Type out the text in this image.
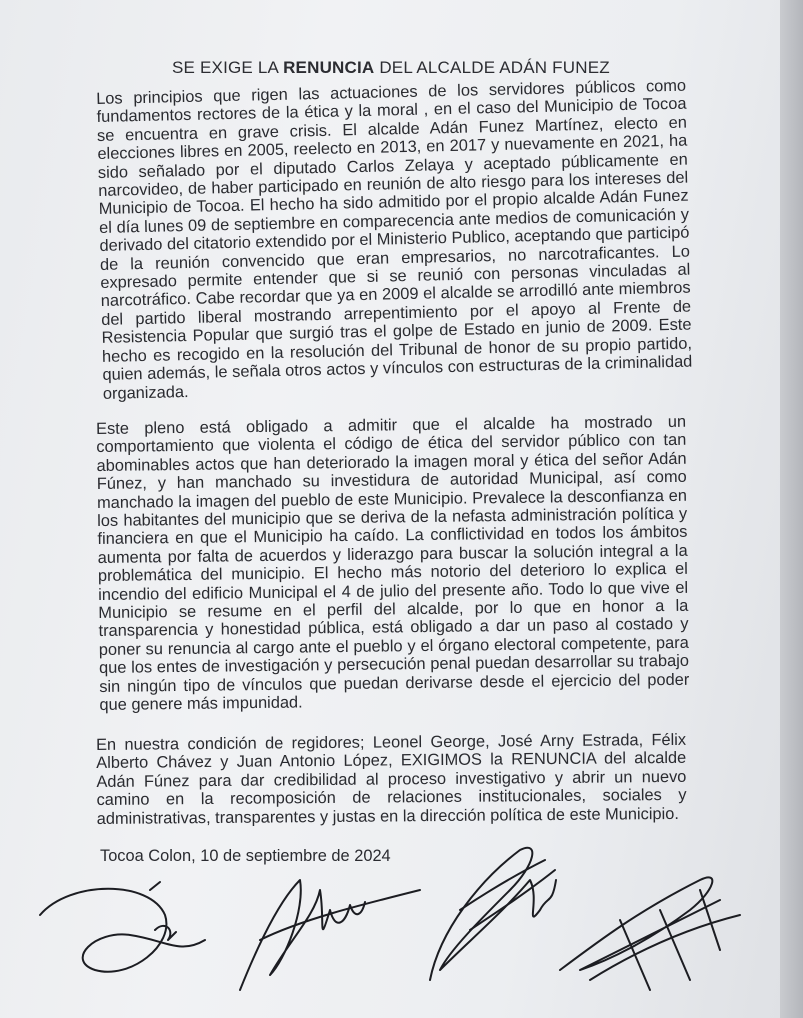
SE EXIGE LA RENUNCIA DEL ALCALDE ADÁN FUNEZ
Los principios que rigen las actuaciones de los servidores públicos como fundamentos rectores de la ética y la moral , en el caso del Municipio de Tocoa se encuentra en grave crisis. El alcalde Adán Funez Martínez, electo en elecciones libres en 2005, reelecto en 2013, en 2017 y nuevamente en 2021, ha sido señalado por el diputado Carlos Zelaya y aceptado públicamente en narcovideo, de haber participado en reunión de alto riesgo para los intereses del Municipio de Tocoa. El hecho ha sido admitido por el propio alcalde Adán Funez el día lunes 09 de septiembre en comparecencia ante medios de comunicación y derivado del citatorio extendido por el Ministerio Publico, aceptando que participó de la reunión convencido que eran empresarios, no narcotraficantes. Lo expresado permite entender que si se reunió con personas vinculadas al narcotráfico. Cabe recordar que ya en 2009 el alcalde se arrodilló ante miembros del partido liberal mostrando arrepentimiento por el apoyo al Frente de Resistencia Popular que surgió tras el golpe de Estado en junio de 2009. Este hecho es recogido en la resolución del Tribunal de honor de su propio partido, quien además, le señala otros actos y vínculos con estructuras de la criminalidad organizada.
Este pleno está obligado a admitir que el alcalde ha mostrado un comportamiento que violenta el código de ética del servidor público con tan abominables actos que han deteriorado la imagen moral y ética del señor Adán Fúnez, y han manchado su investidura de autoridad Municipal, así como manchado la imagen del pueblo de este Municipio. Prevalece la desconfianza en los habitantes del municipio que se deriva de la nefasta administración política y financiera en que el Municipio ha caído. La conflictividad en todos los ámbitos aumenta por falta de acuerdos y liderazgo para buscar la solución integral a la problemática del municipio. El hecho más notorio del deterioro lo explica el incendio del edificio Municipal el 4 de julio del presente año. Todo lo que vive el Municipio se resume en el perfil del alcalde, por lo que en honor a la transparencia y honestidad pública, está obligado a dar un paso al costado y poner su renuncia al cargo ante el pueblo y el órgano electoral competente, para que los entes de investigación y persecución penal puedan desarrollar su trabajo sin ningún tipo de vínculos que puedan derivarse desde el ejercicio del poder que genere más impunidad.
En nuestra condición de regidores; Leonel George, José Arny Estrada, Félix Alberto Chávez y Juan Antonio López, EXIGIMOS la RENUNCIA del alcalde Adán Fúnez para dar credibilidad al proceso investigativo y abrir un nuevo camino en la recomposición de relaciones institucionales, sociales y administrativas, transparentes y justas en la dirección política de este Municipio.
Tocoa Colon, 10 de septiembre de 2024
